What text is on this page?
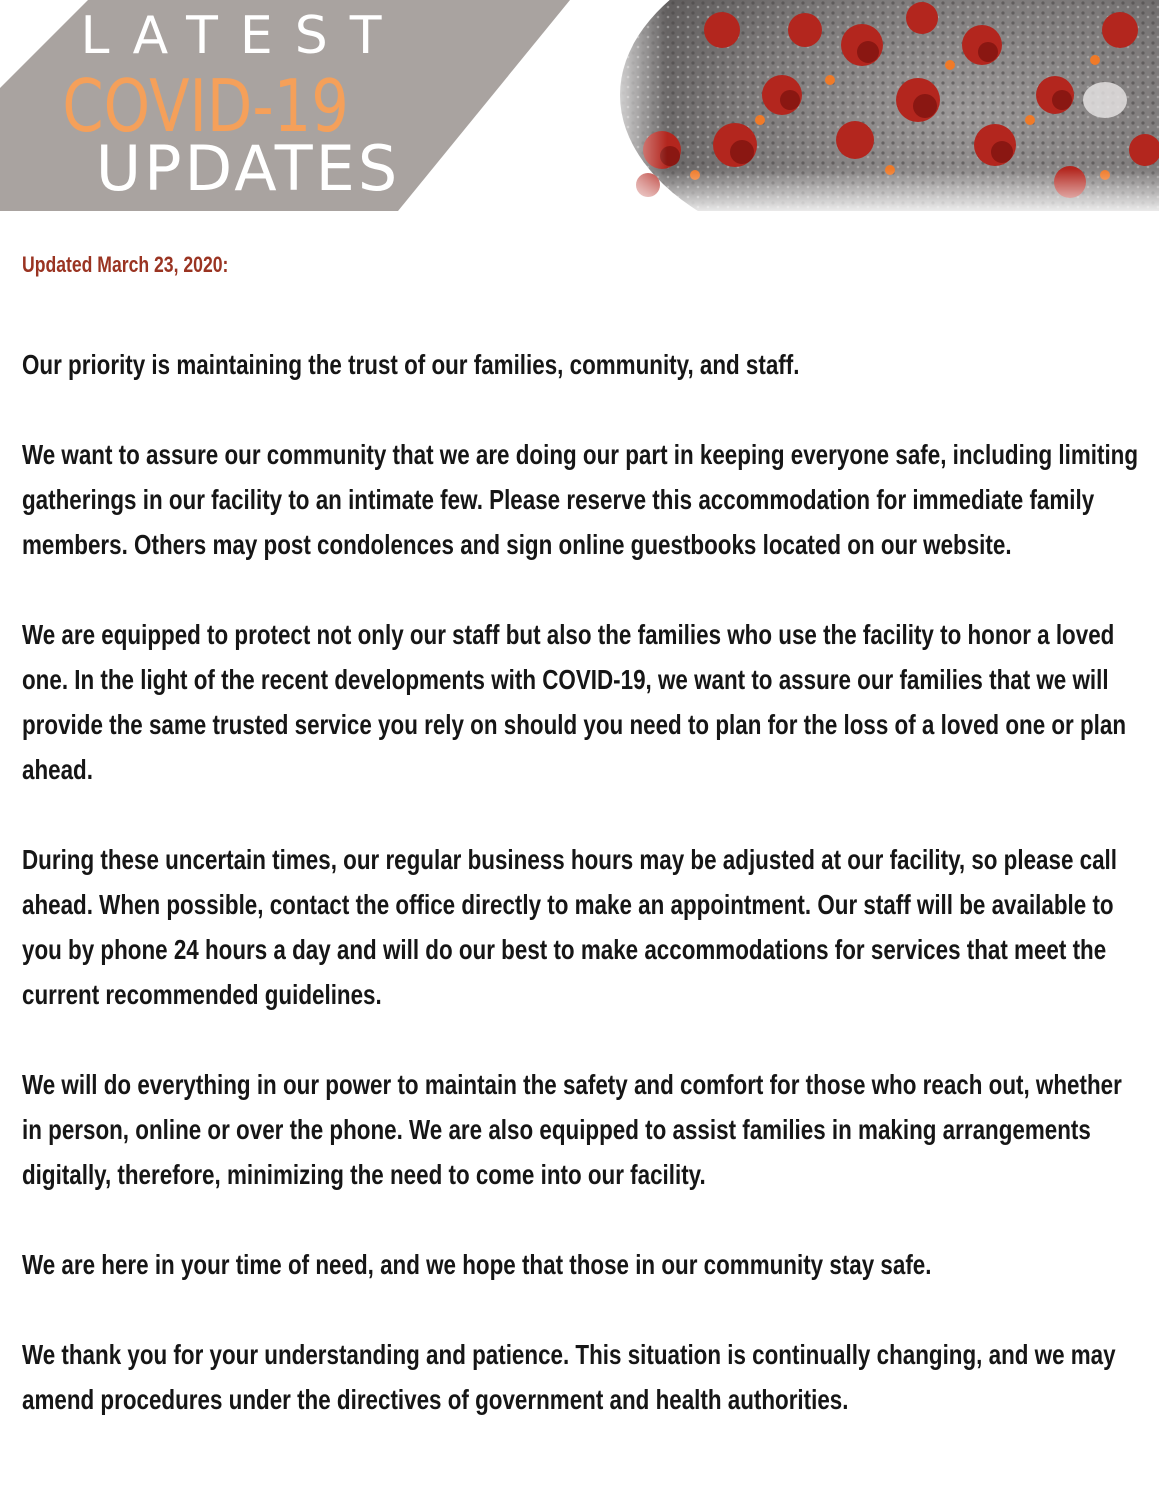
LATEST
COVID-19
UPDATES
Updated March 23, 2020:

Our priority is maintaining the trust of our families, community, and staff.

We want to assure our community that we are doing our part in keeping everyone safe, including limiting gatherings in our facility to an intimate few. Please reserve this accommodation for immediate family members. Others may post condolences and sign online guestbooks located on our website.

We are equipped to protect not only our staff but also the families who use the facility to honor a loved one. In the light of the recent developments with COVID-19, we want to assure our families that we will provide the same trusted service you rely on should you need to plan for the loss of a loved one or plan ahead.

During these uncertain times, our regular business hours may be adjusted at our facility, so please call ahead. When possible, contact the office directly to make an appointment. Our staff will be available to you by phone 24 hours a day and will do our best to make accommodations for services that meet the current recommended guidelines.

We will do everything in our power to maintain the safety and comfort for those who reach out, whether in person, online or over the phone. We are also equipped to assist families in making arrangements digitally, therefore, minimizing the need to come into our facility.

We are here in your time of need, and we hope that those in our community stay safe.

We thank you for your understanding and patience. This situation is continually changing, and we may amend procedures under the directives of government and health authorities.
